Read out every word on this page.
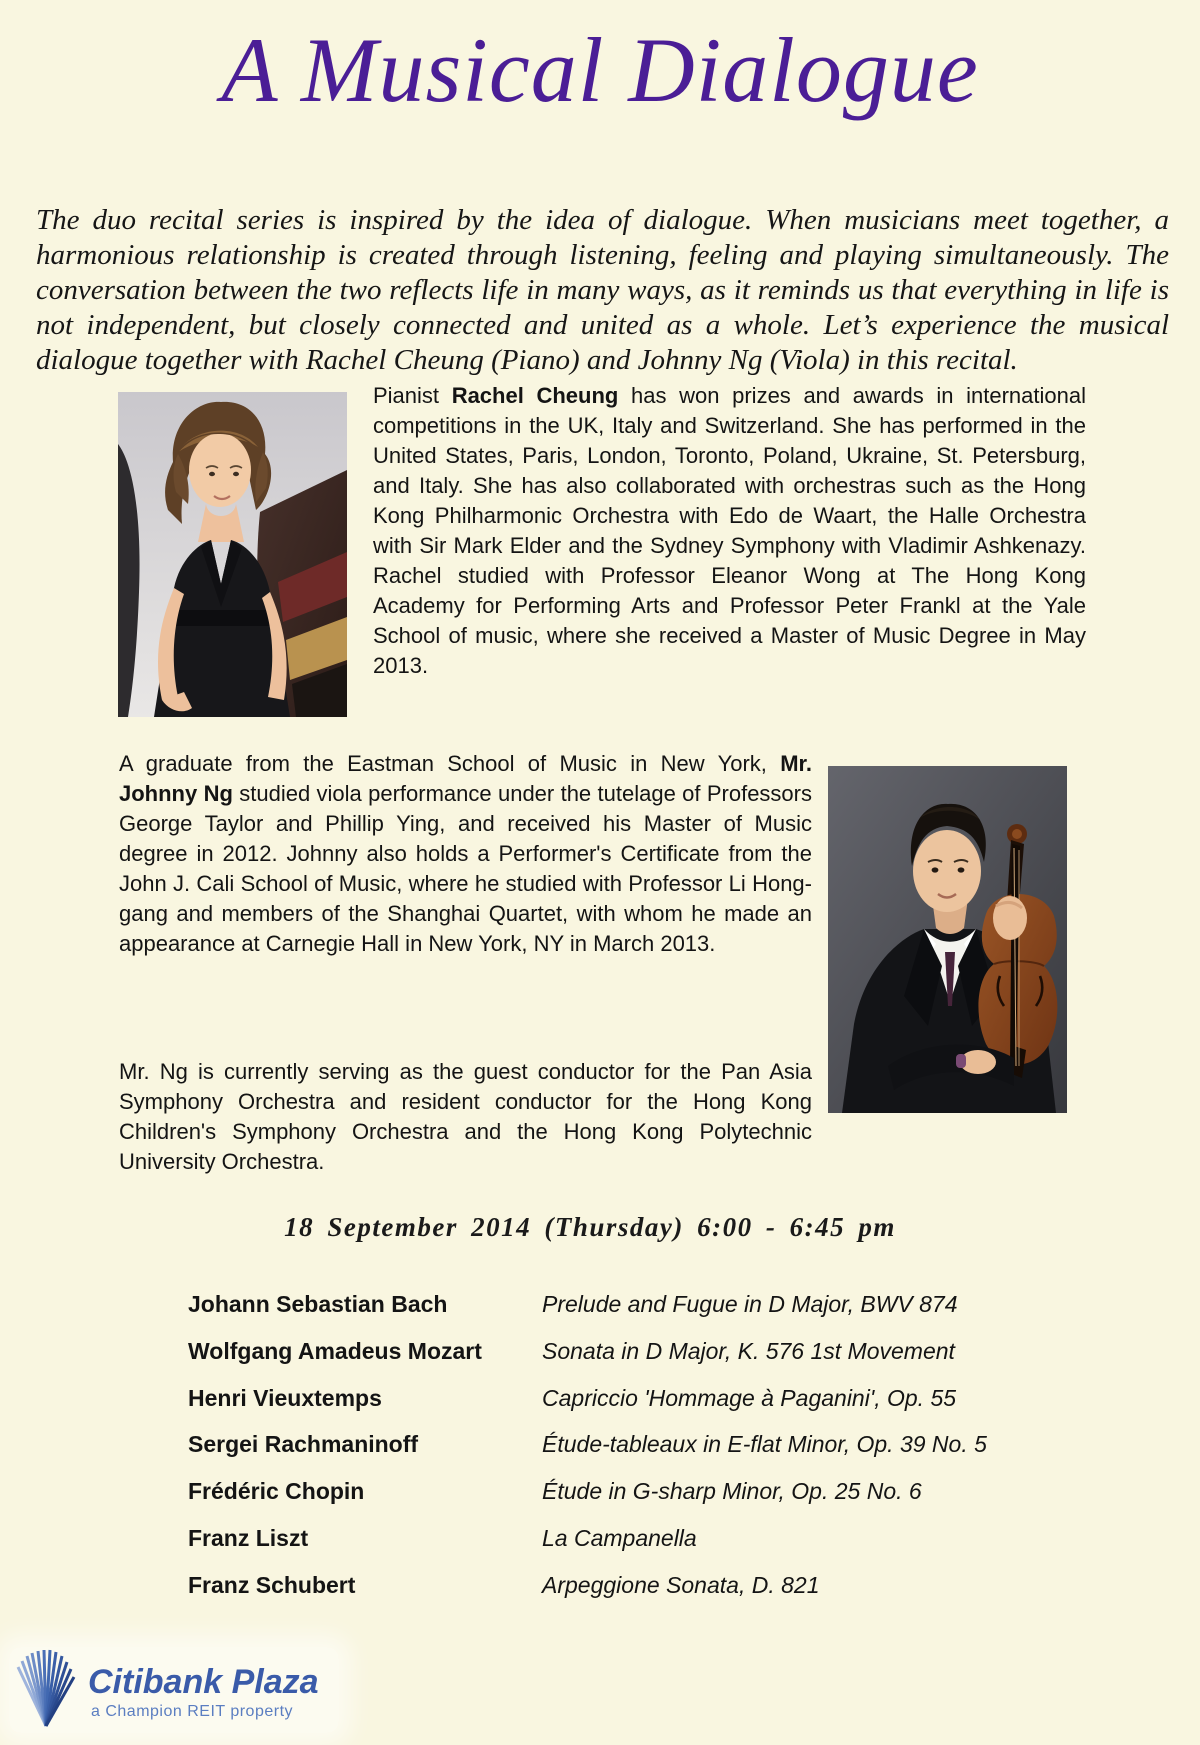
A Musical Dialogue

The duo recital series is inspired by the idea of dialogue. When musicians meet together, a harmonious relationship is created through listening, feeling and playing simultaneously. The conversation between the two reflects life in many ways, as it reminds us that everything in life is not independent, but closely connected and united as a whole. Let’s experience the musical dialogue together with Rachel Cheung (Piano) and Johnny Ng (Viola) in this recital.

Pianist Rachel Cheung has won prizes and awards in international competitions in the UK, Italy and Switzerland. She has performed in the United States, Paris, London, Toronto, Poland, Ukraine, St. Petersburg, and Italy. She has also collaborated with orchestras such as the Hong Kong Philharmonic Orchestra with Edo de Waart, the Halle Orchestra with Sir Mark Elder and the Sydney Symphony with Vladimir Ashkenazy. Rachel studied with Professor Eleanor Wong at The Hong Kong Academy for Performing Arts and Professor Peter Frankl at the Yale School of music, where she received a Master of Music Degree in May 2013.

A graduate from the Eastman School of Music in New York, Mr. Johnny Ng studied viola performance under the tutelage of Professors George Taylor and Phillip Ying, and received his Master of Music degree in 2012. Johnny also holds a Performer's Certificate from the John J. Cali School of Music, where he studied with Professor Li Hong-gang and members of the Shanghai Quartet, with whom he made an appearance at Carnegie Hall in New York, NY in March 2013.

Mr. Ng is currently serving as the guest conductor for the Pan Asia Symphony Orchestra and resident conductor for the Hong Kong Children's Symphony Orchestra and the Hong Kong Polytechnic University Orchestra.

18 September 2014 (Thursday) 6:00 - 6:45 pm
Johann Sebastian Bach	Prelude and Fugue in D Major, BWV 874
Wolfgang Amadeus Mozart	Sonata in D Major, K. 576 1st Movement
Henri Vieuxtemps	Capriccio 'Hommage à Paganini', Op. 55
Sergei Rachmaninoff	Étude-tableaux in E-flat Minor, Op. 39 No. 5
Frédéric Chopin	Étude in G-sharp Minor, Op. 25 No. 6
Franz Liszt	La Campanella
Franz Schubert	Arpeggione Sonata, D. 821
Citibank Plaza
a Champion REIT property
